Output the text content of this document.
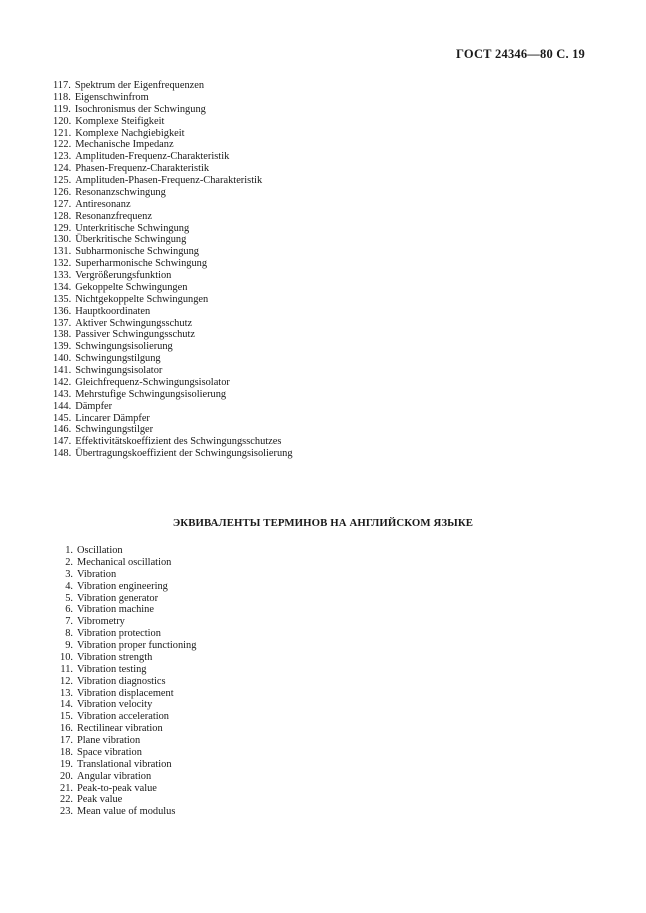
ГОСТ 24346—80 С. 19
117. Spektrum der Eigenfrequenzen
118. Eigenschwinfrom
119. Isochronismus der Schwingung
120. Komplexe Steifigkeit
121. Komplexe Nachgiebigkeit
122. Mechanische Impedanz
123. Amplituden-Frequenz-Charakteristik
124. Phasen-Frequenz-Charakteristik
125. Amplituden-Phasen-Frequenz-Charakteristik
126. Resonanzschwingung
127. Antiresonanz
128. Resonanzfrequenz
129. Unterkritische Schwingung
130. Überkritische Schwingung
131. Subharmonische Schwingung
132. Superharmonische Schwingung
133. Vergrößerungsfunktion
134. Gekoppelte Schwingungen
135. Nichtgekoppelte Schwingungen
136. Hauptkoordinaten
137. Aktiver Schwingungsschutz
138. Passiver Schwingungsschutz
139. Schwingungsisolierung
140. Schwingungstilgung
141. Schwingungsisolator
142. Gleichfrequenz-Schwingungsisolator
143. Mehrstufige Schwingungsisolierung
144. Dämpfer
145. Lincarer Dämpfer
146. Schwingungstilger
147. Effektivitätskoeffizient des Schwingungsschutzes
148. Übertragungskoeffizient der Schwingungsisolierung
ЭКВИВАЛЕНТЫ ТЕРМИНОВ НА АНГЛИЙСКОМ ЯЗЫКЕ
1. Oscillation
2. Mechanical oscillation
3. Vibration
4. Vibration engineering
5. Vibration generator
6. Vibration machine
7. Vibrometry
8. Vibration protection
9. Vibration proper functioning
10. Vibration strength
11. Vibration testing
12. Vibration diagnostics
13. Vibration displacement
14. Vibration velocity
15. Vibration acceleration
16. Rectilinear vibration
17. Plane vibration
18. Space vibration
19. Translational vibration
20. Angular vibration
21. Peak-to-peak value
22. Peak value
23. Mean value of modulus
